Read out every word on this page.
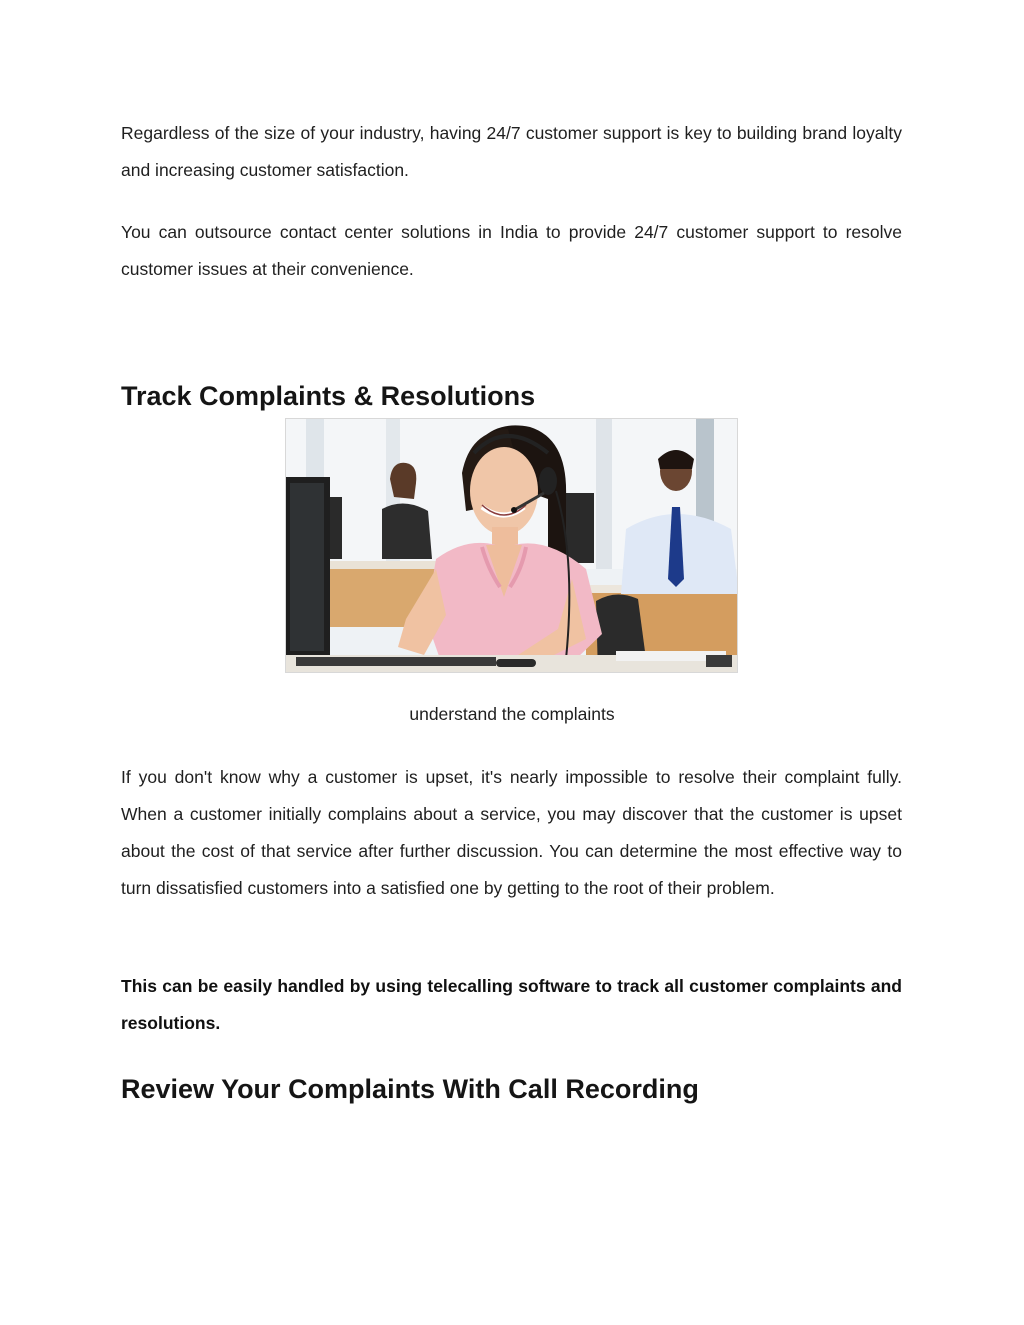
Regardless of the size of your industry, having 24/7 customer support is key to building brand loyalty and increasing customer satisfaction.

You can outsource contact center solutions in India to provide 24/7 customer support to resolve customer issues at their convenience.

Track Complaints & Resolutions

understand the complaints

If you don't know why a customer is upset, it's nearly impossible to resolve their complaint fully. When a customer initially complains about a service, you may discover that the customer is upset about the cost of that service after further discussion. You can determine the most effective way to turn dissatisfied customers into a satisfied one by getting to the root of their problem.

This can be easily handled by using telecalling software to track all customer complaints and resolutions.

Review Your Complaints With Call Recording
